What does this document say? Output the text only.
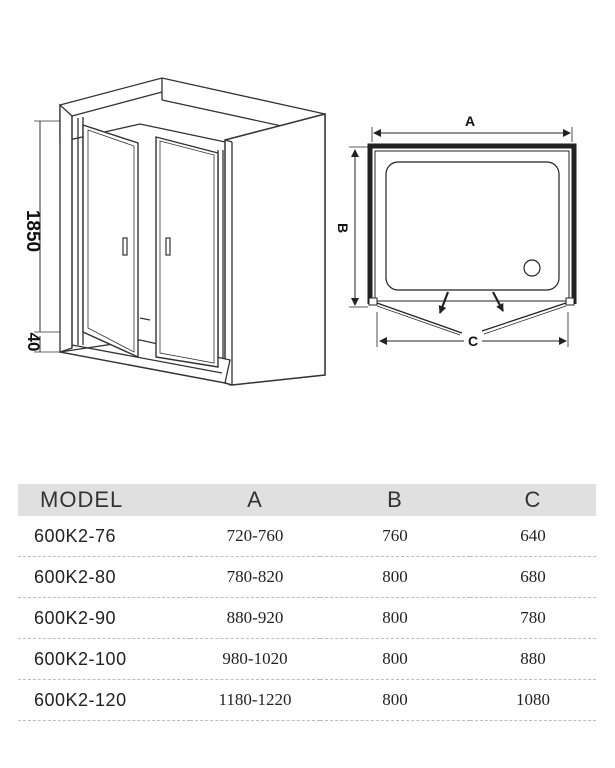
1850
40
A
B
C
MODEL	A	B	C
600K2-76	720-760	760	640
600K2-80	780-820	800	680
600K2-90	880-920	800	780
600K2-100	980-1020	800	880
600K2-120	1180-1220	800	1080
